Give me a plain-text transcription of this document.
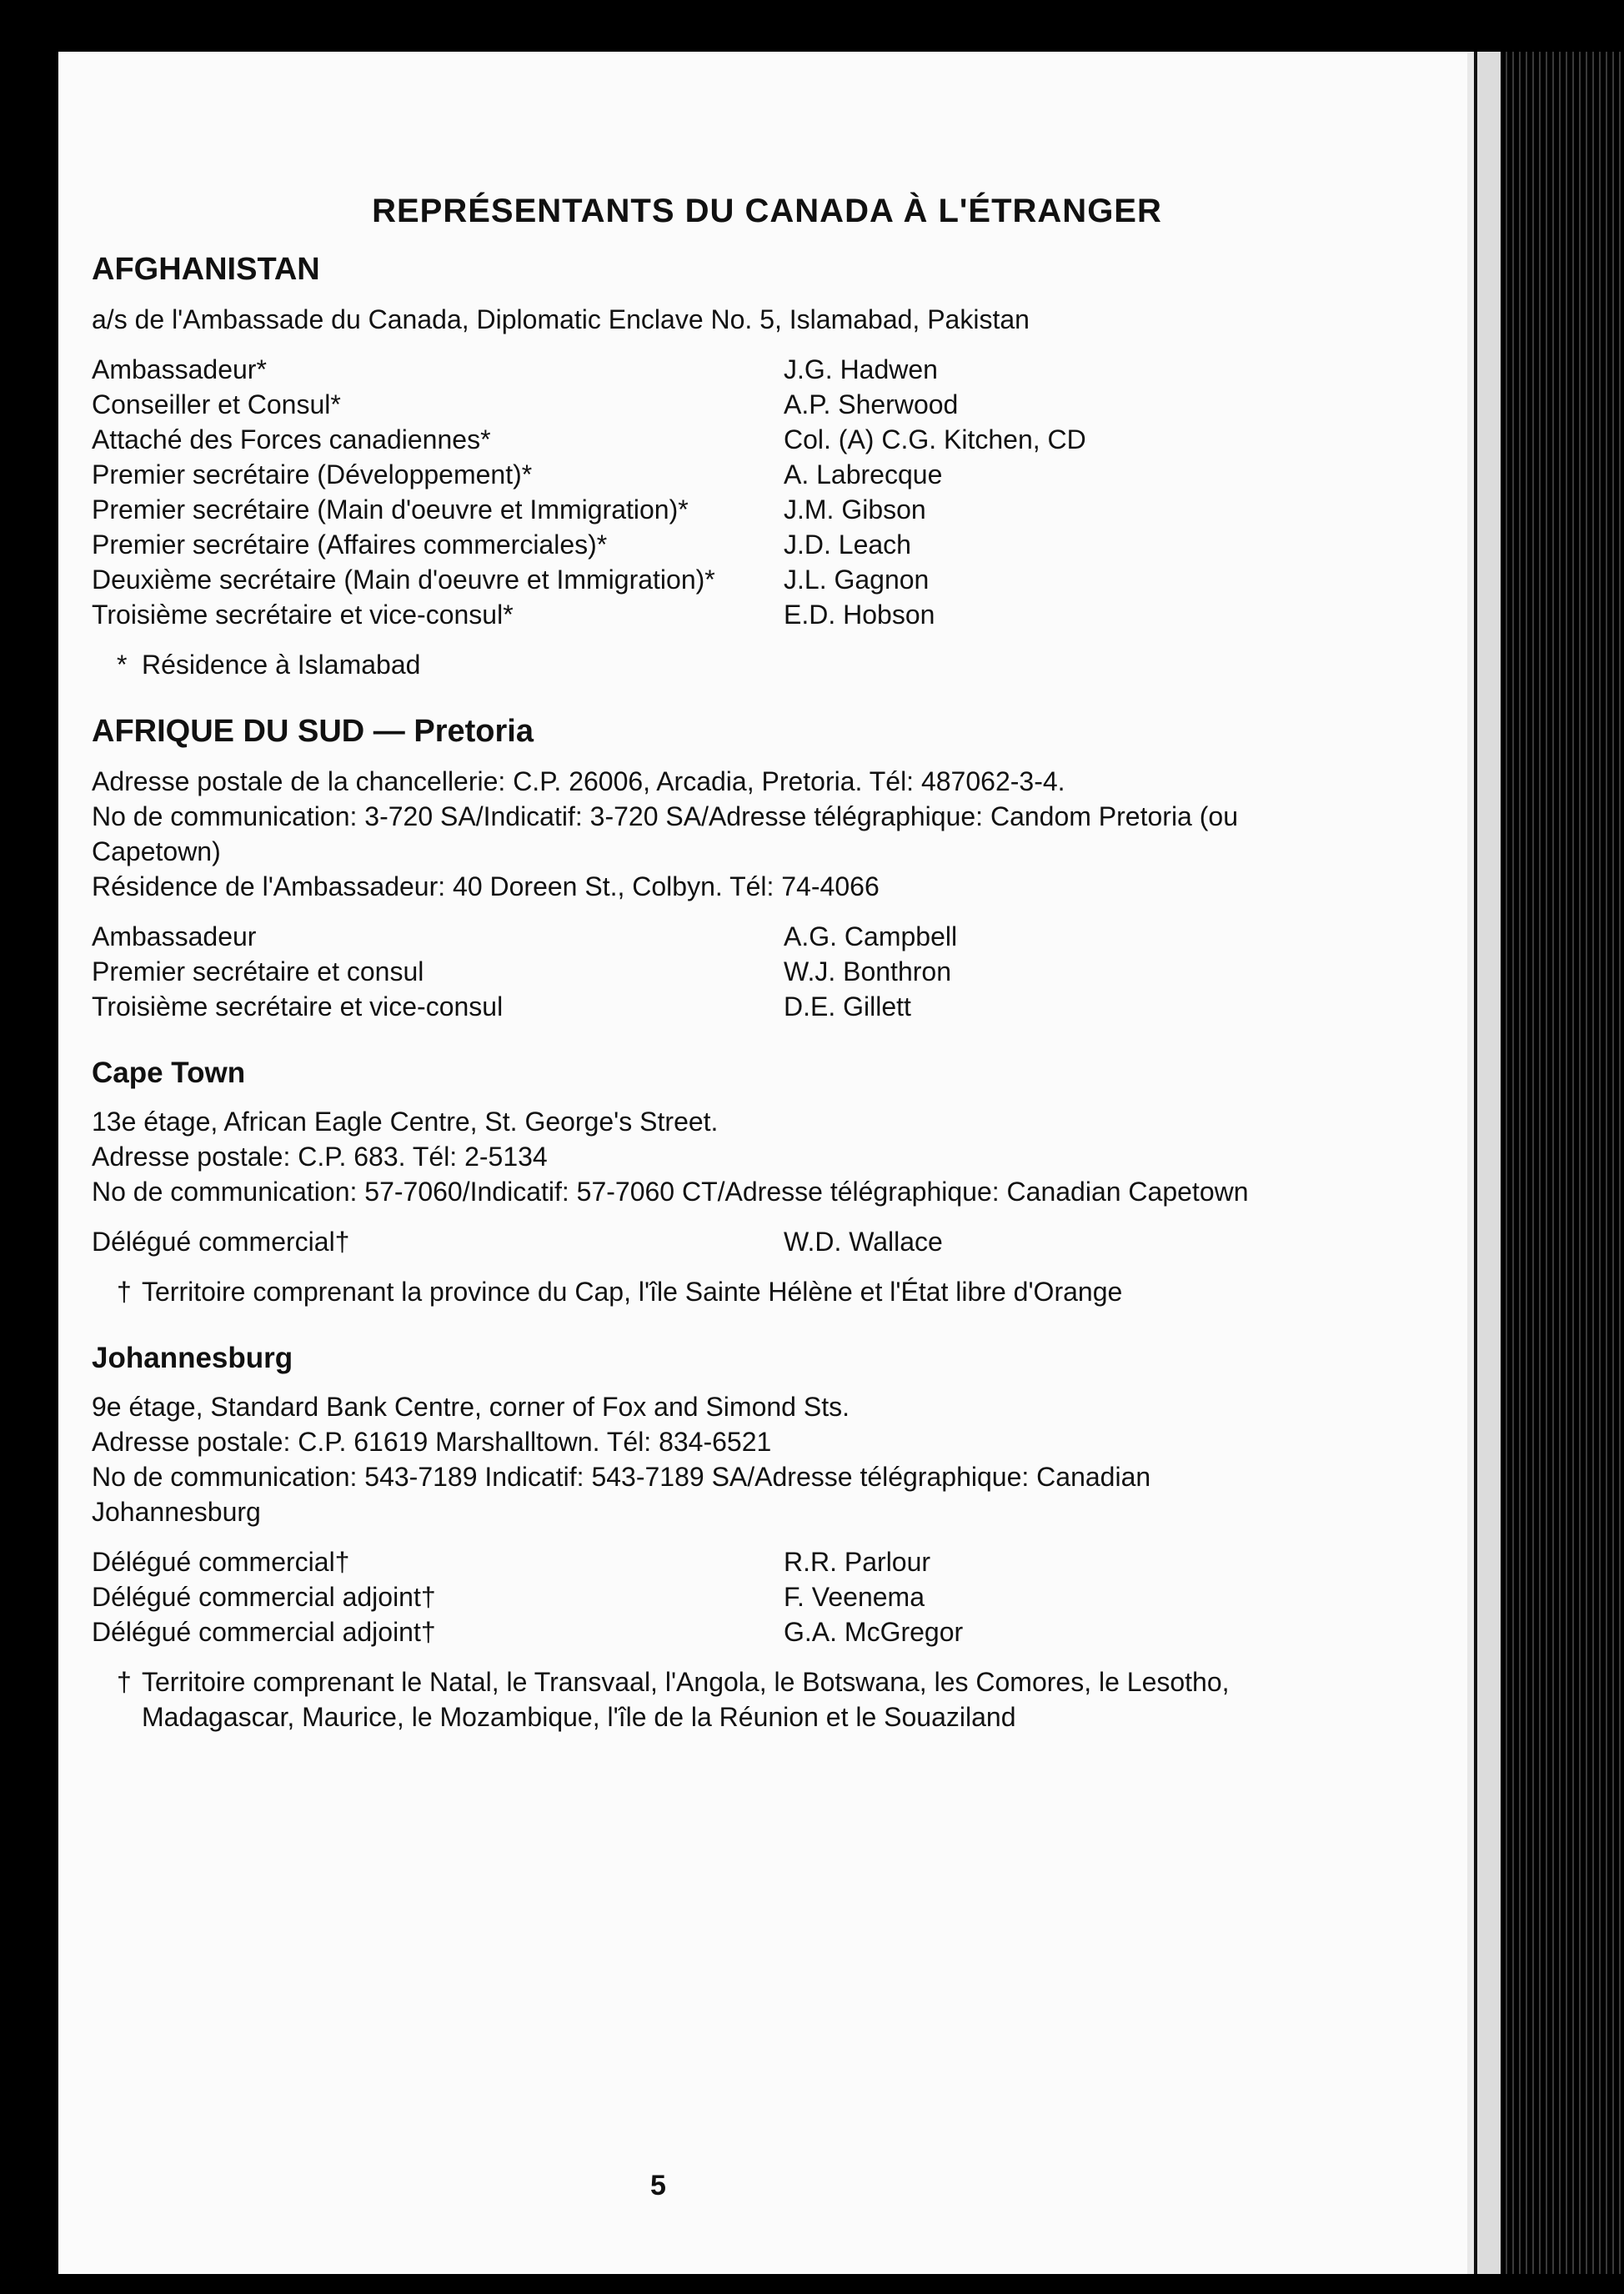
REPRÉSENTANTS DU CANADA À L'ÉTRANGER
AFGHANISTAN

a/s de l'Ambassade du Canada, Diplomatic Enclave No. 5, Islamabad, Pakistan

Ambassadeur*	J.G. Hadwen
Conseiller et Consul*	A.P. Sherwood
Attaché des Forces canadiennes*	Col. (A) C.G. Kitchen, CD
Premier secrétaire (Développement)*	A. Labrecque
Premier secrétaire (Main d'oeuvre et Immigration)*	J.M. Gibson
Premier secrétaire (Affaires commerciales)*	J.D. Leach
Deuxième secrétaire (Main d'oeuvre et Immigration)*	J.L. Gagnon
Troisième secrétaire et vice-consul*	E.D. Hobson

* Résidence à Islamabad

AFRIQUE DU SUD — Pretoria

Adresse postale de la chancellerie: C.P. 26006, Arcadia, Pretoria. Tél: 487062-3-4.

No de communication: 3-720 SA/Indicatif: 3-720 SA/Adresse télégraphique: Candom Pretoria (ou Capetown)

Résidence de l'Ambassadeur: 40 Doreen St., Colbyn. Tél: 74-4066

Ambassadeur	A.G. Campbell
Premier secrétaire et consul	W.J. Bonthron
Troisième secrétaire et vice-consul	D.E. Gillett
Cape Town

13e étage, African Eagle Centre, St. George's Street.

Adresse postale: C.P. 683. Tél: 2-5134

No de communication: 57-7060/Indicatif: 57-7060 CT/Adresse télégraphique: Canadian Capetown

Délégué commercial†	W.D. Wallace

† Territoire comprenant la province du Cap, l'île Sainte Hélène et l'État libre d'Orange

Johannesburg

9e étage, Standard Bank Centre, corner of Fox and Simond Sts.

Adresse postale: C.P. 61619 Marshalltown. Tél: 834-6521

No de communication: 543-7189 Indicatif: 543-7189 SA/Adresse télégraphique: Canadian Johannesburg

Délégué commercial†	R.R. Parlour
Délégué commercial adjoint†	F. Veenema
Délégué commercial adjoint†	G.A. McGregor

† Territoire comprenant le Natal, le Transvaal, l'Angola, le Botswana, les Comores, le Lesotho, Madagascar, Maurice, le Mozambique, l'île de la Réunion et le Souaziland

5
